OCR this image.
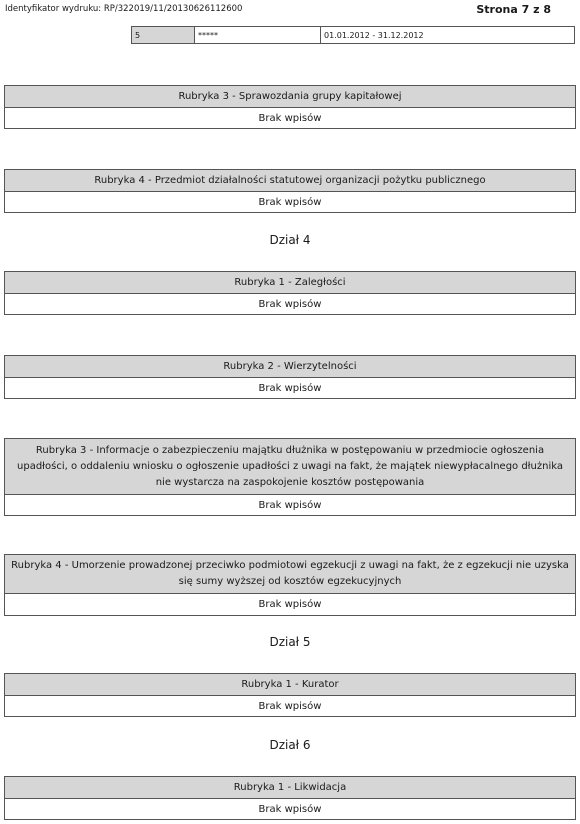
Identyfikator wydruku: RP/322019/11/20130626112600	Strona 7 z 8
5	*****	01.01.2012 - 31.12.2012
Rubryka 3 - Sprawozdania grupy kapitałowej
Brak wpisów
Rubryka 4 - Przedmiot działalności statutowej organizacji pożytku publicznego
Brak wpisów
Dział 4
Rubryka 1 - Zaległości
Brak wpisów
Rubryka 2 - Wierzytelności
Brak wpisów
Rubryka 3 - Informacje o zabezpieczeniu majątku dłużnika w postępowaniu w przedmiocie ogłoszenia upadłości, o oddaleniu wniosku o ogłoszenie upadłości z uwagi na fakt, że majątek niewypłacalnego dłużnika nie wystarcza na zaspokojenie kosztów postępowania
Brak wpisów
Rubryka 4 - Umorzenie prowadzonej przeciwko podmiotowi egzekucji z uwagi na fakt, że z egzekucji nie uzyska się sumy wyższej od kosztów egzekucyjnych
Brak wpisów
Dział 5
Rubryka 1 - Kurator
Brak wpisów
Dział 6
Rubryka 1 - Likwidacja
Brak wpisów
